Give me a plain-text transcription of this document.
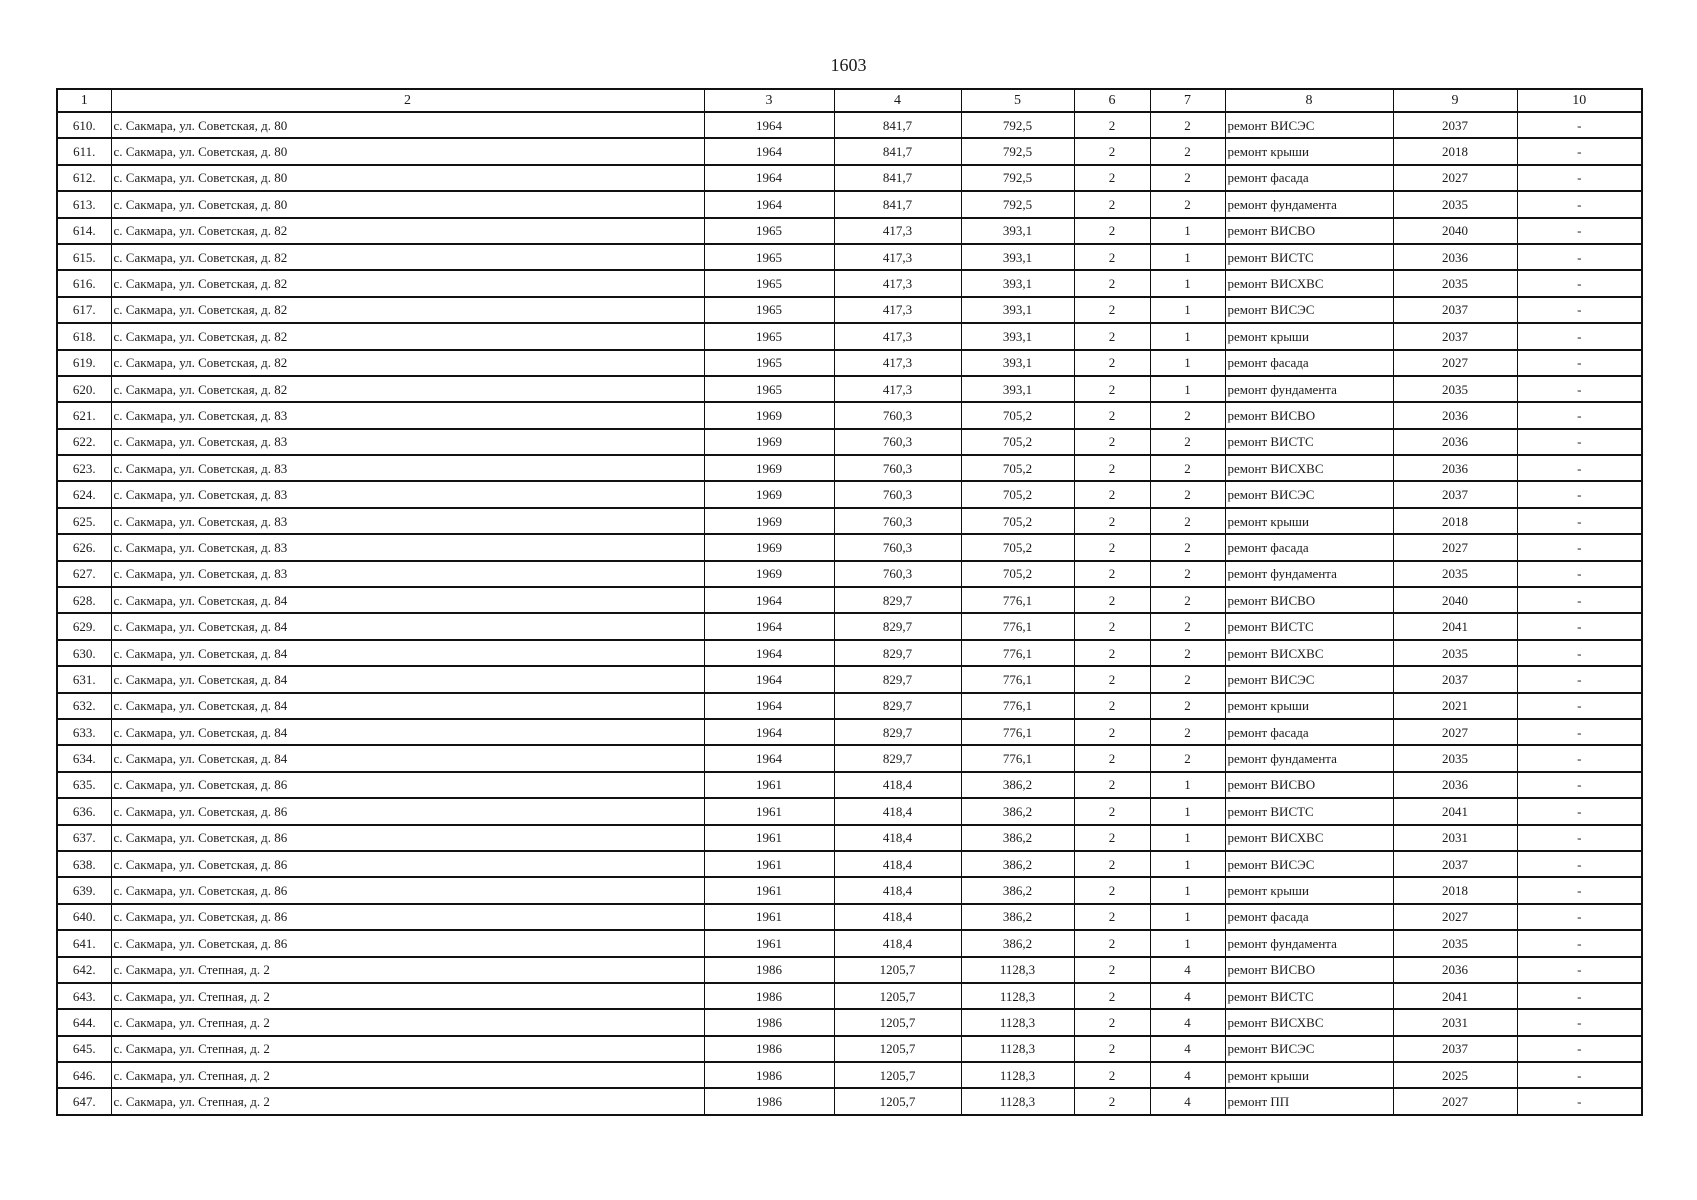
1603
1	2	3	4	5	6	7	8	9	10
610.	с. Сакмара, ул. Советская, д. 80	1964	841,7	792,5	2	2	ремонт ВИСЭС	2037	-
611.	с. Сакмара, ул. Советская, д. 80	1964	841,7	792,5	2	2	ремонт крыши	2018	-
612.	с. Сакмара, ул. Советская, д. 80	1964	841,7	792,5	2	2	ремонт фасада	2027	-
613.	с. Сакмара, ул. Советская, д. 80	1964	841,7	792,5	2	2	ремонт фундамента	2035	-
614.	с. Сакмара, ул. Советская, д. 82	1965	417,3	393,1	2	1	ремонт ВИСВО	2040	-
615.	с. Сакмара, ул. Советская, д. 82	1965	417,3	393,1	2	1	ремонт ВИСТС	2036	-
616.	с. Сакмара, ул. Советская, д. 82	1965	417,3	393,1	2	1	ремонт ВИСХВС	2035	-
617.	с. Сакмара, ул. Советская, д. 82	1965	417,3	393,1	2	1	ремонт ВИСЭС	2037	-
618.	с. Сакмара, ул. Советская, д. 82	1965	417,3	393,1	2	1	ремонт крыши	2037	-
619.	с. Сакмара, ул. Советская, д. 82	1965	417,3	393,1	2	1	ремонт фасада	2027	-
620.	с. Сакмара, ул. Советская, д. 82	1965	417,3	393,1	2	1	ремонт фундамента	2035	-
621.	с. Сакмара, ул. Советская, д. 83	1969	760,3	705,2	2	2	ремонт ВИСВО	2036	-
622.	с. Сакмара, ул. Советская, д. 83	1969	760,3	705,2	2	2	ремонт ВИСТС	2036	-
623.	с. Сакмара, ул. Советская, д. 83	1969	760,3	705,2	2	2	ремонт ВИСХВС	2036	-
624.	с. Сакмара, ул. Советская, д. 83	1969	760,3	705,2	2	2	ремонт ВИСЭС	2037	-
625.	с. Сакмара, ул. Советская, д. 83	1969	760,3	705,2	2	2	ремонт крыши	2018	-
626.	с. Сакмара, ул. Советская, д. 83	1969	760,3	705,2	2	2	ремонт фасада	2027	-
627.	с. Сакмара, ул. Советская, д. 83	1969	760,3	705,2	2	2	ремонт фундамента	2035	-
628.	с. Сакмара, ул. Советская, д. 84	1964	829,7	776,1	2	2	ремонт ВИСВО	2040	-
629.	с. Сакмара, ул. Советская, д. 84	1964	829,7	776,1	2	2	ремонт ВИСТС	2041	-
630.	с. Сакмара, ул. Советская, д. 84	1964	829,7	776,1	2	2	ремонт ВИСХВС	2035	-
631.	с. Сакмара, ул. Советская, д. 84	1964	829,7	776,1	2	2	ремонт ВИСЭС	2037	-
632.	с. Сакмара, ул. Советская, д. 84	1964	829,7	776,1	2	2	ремонт крыши	2021	-
633.	с. Сакмара, ул. Советская, д. 84	1964	829,7	776,1	2	2	ремонт фасада	2027	-
634.	с. Сакмара, ул. Советская, д. 84	1964	829,7	776,1	2	2	ремонт фундамента	2035	-
635.	с. Сакмара, ул. Советская, д. 86	1961	418,4	386,2	2	1	ремонт ВИСВО	2036	-
636.	с. Сакмара, ул. Советская, д. 86	1961	418,4	386,2	2	1	ремонт ВИСТС	2041	-
637.	с. Сакмара, ул. Советская, д. 86	1961	418,4	386,2	2	1	ремонт ВИСХВС	2031	-
638.	с. Сакмара, ул. Советская, д. 86	1961	418,4	386,2	2	1	ремонт ВИСЭС	2037	-
639.	с. Сакмара, ул. Советская, д. 86	1961	418,4	386,2	2	1	ремонт крыши	2018	-
640.	с. Сакмара, ул. Советская, д. 86	1961	418,4	386,2	2	1	ремонт фасада	2027	-
641.	с. Сакмара, ул. Советская, д. 86	1961	418,4	386,2	2	1	ремонт фундамента	2035	-
642.	с. Сакмара, ул. Степная, д. 2	1986	1205,7	1128,3	2	4	ремонт ВИСВО	2036	-
643.	с. Сакмара, ул. Степная, д. 2	1986	1205,7	1128,3	2	4	ремонт ВИСТС	2041	-
644.	с. Сакмара, ул. Степная, д. 2	1986	1205,7	1128,3	2	4	ремонт ВИСХВС	2031	-
645.	с. Сакмара, ул. Степная, д. 2	1986	1205,7	1128,3	2	4	ремонт ВИСЭС	2037	-
646.	с. Сакмара, ул. Степная, д. 2	1986	1205,7	1128,3	2	4	ремонт крыши	2025	-
647.	с. Сакмара, ул. Степная, д. 2	1986	1205,7	1128,3	2	4	ремонт ПП	2027	-
